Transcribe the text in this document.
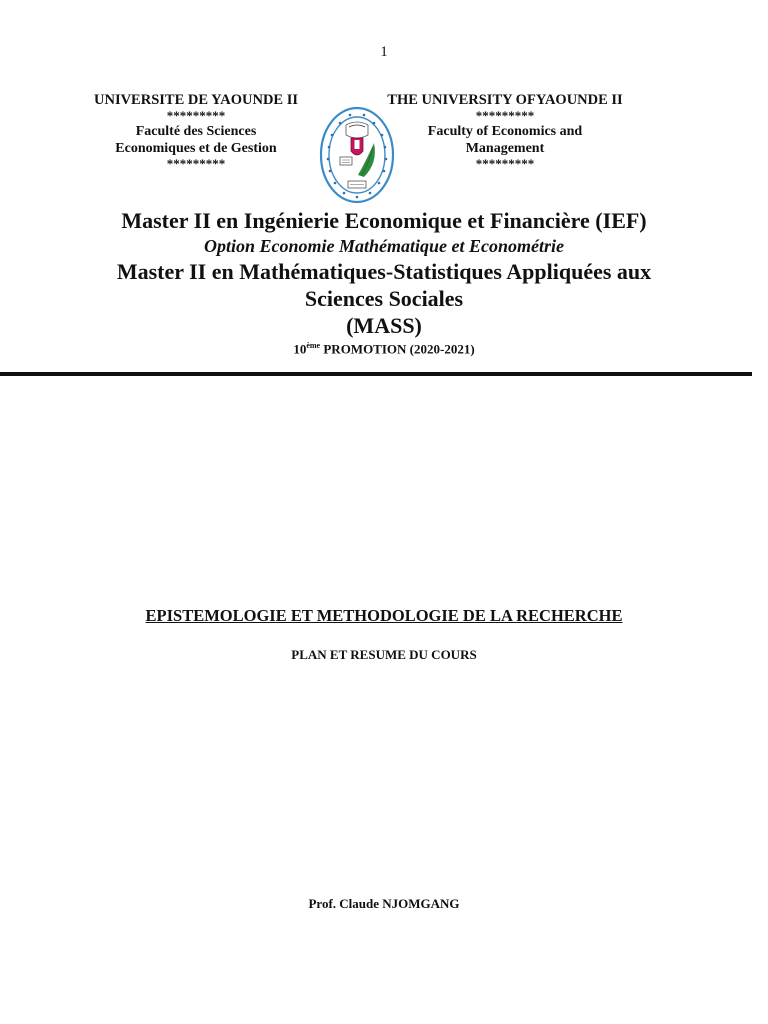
1
UNIVERSITE DE YAOUNDE II
*********
Faculté des Sciences
Economiques et de Gestion
*********
THE UNIVERSITY OFYAOUNDE II
*********
Faculty of Economics and
Management
*********
Master II en Ingénierie Economique et Financière (IEF)
Option Economie Mathématique et Econométrie
Master II en Mathématiques-Statistiques Appliquées aux
Sciences Sociales
(MASS)
10ème PROMOTION (2020-2021)
EPISTEMOLOGIE ET METHODOLOGIE DE LA RECHERCHE
PLAN ET RESUME DU COURS
Prof. Claude NJOMGANG
